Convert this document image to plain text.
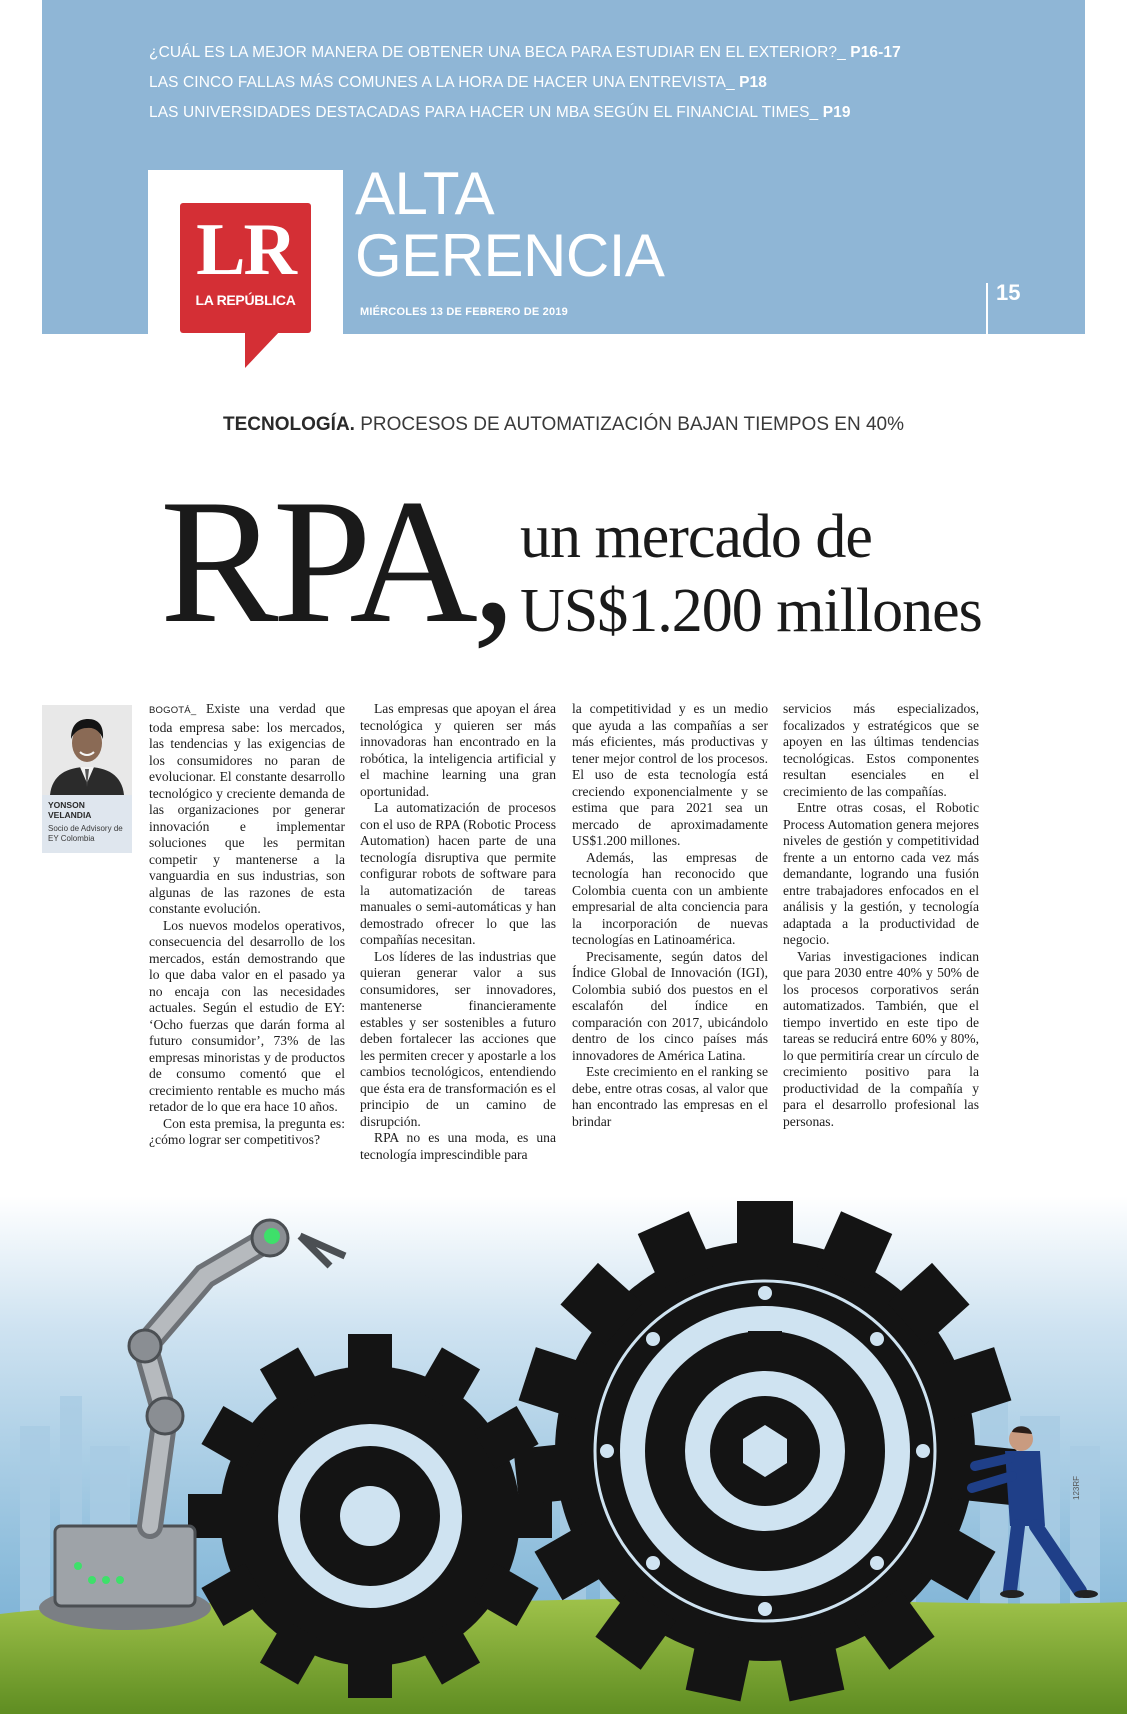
¿CUÁL ES LA MEJOR MANERA DE OBTENER UNA BECA PARA ESTUDIAR EN EL EXTERIOR?_ P16-17
LAS CINCO FALLAS MÁS COMUNES A LA HORA DE HACER UNA ENTREVISTA_ P18
LAS UNIVERSIDADES DESTACADAS PARA HACER UN MBA SEGÚN EL FINANCIAL TIMES_ P19
LR
LA REPÚBLICA
ALTA
GERENCIA
MIÉRCOLES 13 DE FEBRERO DE 2019
15
TECNOLOGÍA. PROCESOS DE AUTOMATIZACIÓN BAJAN TIEMPOS EN 40%
RPA, un mercado de
US$1.200 millones
YONSON
VELANDIA
Socio de Advisory de
EY Colombia

BOGOTÁ_ Existe una verdad que toda empresa sabe: los mercados, las tendencias y las exigencias de los consumidores no paran de evolucionar. El constante desarrollo tecnológico y creciente demanda de las organizaciones por generar innovación e implementar soluciones que les permitan competir y mantenerse a la vanguardia en sus industrias, son algunas de las razones de esta constante evolución.

Los nuevos modelos operativos, consecuencia del desarrollo de los mercados, están demostrando que lo que daba valor en el pasado ya no encaja con las necesidades actuales. Según el estudio de EY: ‘Ocho fuerzas que darán forma al futuro consumidor’, 73% de las empresas minoristas y de productos de consumo comentó que el crecimiento rentable es mucho más retador de lo que era hace 10 años.

Con esta premisa, la pregunta es: ¿cómo lograr ser competitivos?

Las empresas que apoyan el área tecnológica y quieren ser más innovadoras han encontrado en la robótica, la inteligencia artificial y el machine learning una gran oportunidad.

La automatización de procesos con el uso de RPA (Robotic Process Automation) hacen parte de una tecnología disruptiva que permite configurar robots de software para la automatización de tareas manuales o semi-automáticas y han demostrado ofrecer lo que las compañías necesitan.

Los líderes de las industrias que quieran generar valor a sus consumidores, ser innovadores, mantenerse financieramente estables y ser sostenibles a futuro deben fortalecer las acciones que les permiten crecer y apostarle a los cambios tecnológicos, entendiendo que ésta era de transformación es el principio de un camino de disrupción.

RPA no es una moda, es una tecnología imprescindible para

la competitividad y es un medio que ayuda a las compañías a ser más eficientes, más productivas y tener mejor control de los procesos. El uso de esta tecnología está creciendo exponencialmente y se estima que para 2021 sea un mercado de aproximadamente US$1.200 millones.

Además, las empresas de tecnología han reconocido que Colombia cuenta con un ambiente empresarial de alta conciencia para la incorporación de nuevas tecnologías en Latinoamérica.

Precisamente, según datos del Índice Global de Innovación (IGI), Colombia subió dos puestos en el escalafón del índice en comparación con 2017, ubicándolo dentro de los cinco países más innovadores de América Latina.

Este crecimiento en el ranking se debe, entre otras cosas, al valor que han encontrado las empresas en el brindar

servicios más especializados, focalizados y estratégicos que se apoyen en las últimas tendencias tecnológicas. Estos componentes resultan esenciales en el crecimiento de las compañías.

Entre otras cosas, el Robotic Process Automation genera mejores niveles de gestión y competitividad frente a un entorno cada vez más demandante, logrando una fusión entre trabajadores enfocados en el análisis y la gestión, y tecnología adaptada a la productividad de negocio.

Varias investigaciones indican que para 2030 entre 40% y 50% de los procesos corporativos serán automatizados. También, que el tiempo invertido en este tipo de tareas se reducirá entre 60% y 80%, lo que permitiría crear un círculo de crecimiento positivo para la productividad de la compañía y para el desarrollo profesional las personas.

123RF
